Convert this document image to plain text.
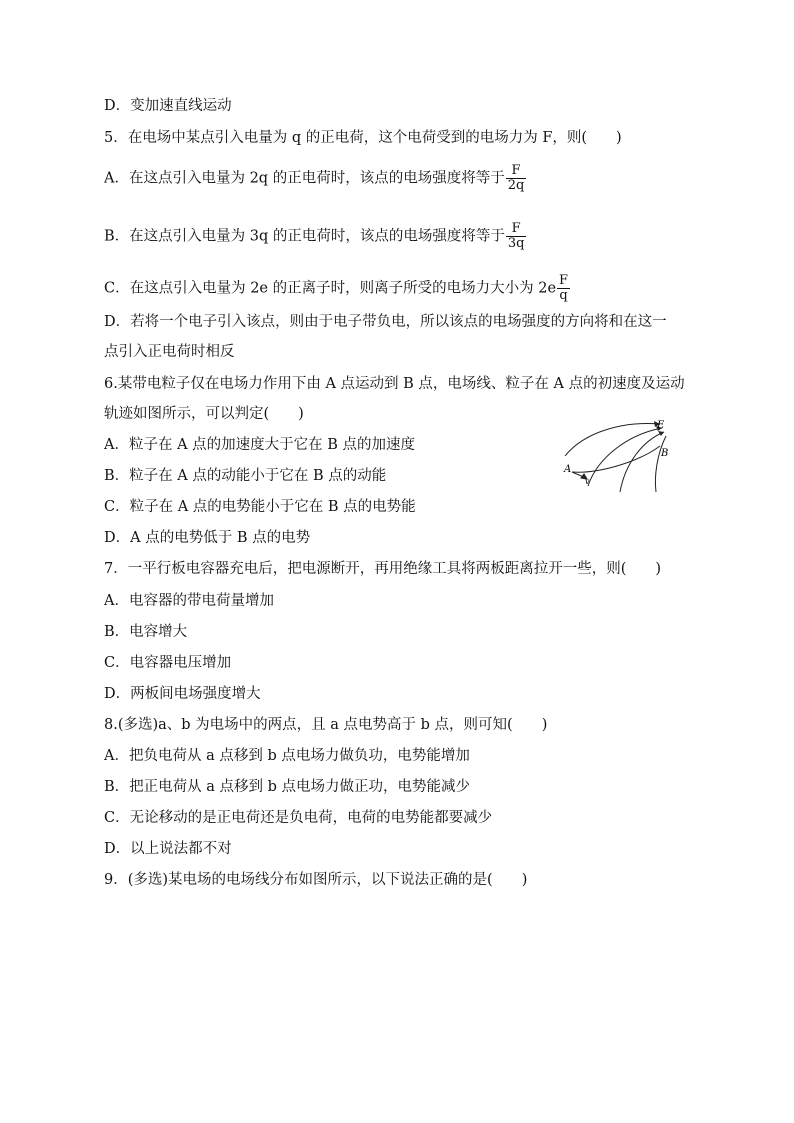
D．变加速直线运动
5．在电场中某点引入电量为 q 的正电荷，这个电荷受到的电场力为 F，则(　　)
A．在这点引入电量为 2q 的正电荷时，该点的电场强度将等于 $\frac{F}{2q}$
B．在这点引入电量为 3q 的正电荷时，该点的电场强度将等于 $\frac{F}{3q}$
C．在这点引入电量为 2e 的正离子时，则离子所受的电场力大小为 $2e \frac{F}{q}$
D．若将一个电子引入该点，则由于电子带负电，所以该点的电场强度的方向将和在这一
点引入正电荷时相反
6.某带电粒子仅在电场力作用下由 A 点运动到 B 点，电场线、粒子在 A 点的初速度及运动
轨迹如图所示，可以判定(　　)
A．粒子在 A 点的加速度大于它在 B 点的加速度
B．粒子在 A 点的动能小于它在 B 点的动能
C．粒子在 A 点的电势能小于它在 B 点的电势能
D．A 点的电势低于 B 点的电势
A
v
E
B
7．一平行板电容器充电后，把电源断开，再用绝缘工具将两板距离拉开一些，则(　　)
A．电容器的带电荷量增加
B．电容增大
C．电容器电压增加
D．两板间电场强度增大
8.(多选)a、b 为电场中的两点，且 a 点电势高于 b 点，则可知(　　)
A．把负电荷从 a 点移到 b 点电场力做负功，电势能增加
B．把正电荷从 a 点移到 b 点电场力做正功，电势能减少
C．无论移动的是正电荷还是负电荷，电荷的电势能都要减少
D．以上说法都不对
9．(多选)某电场的电场线分布如图所示，以下说法正确的是(　　)
